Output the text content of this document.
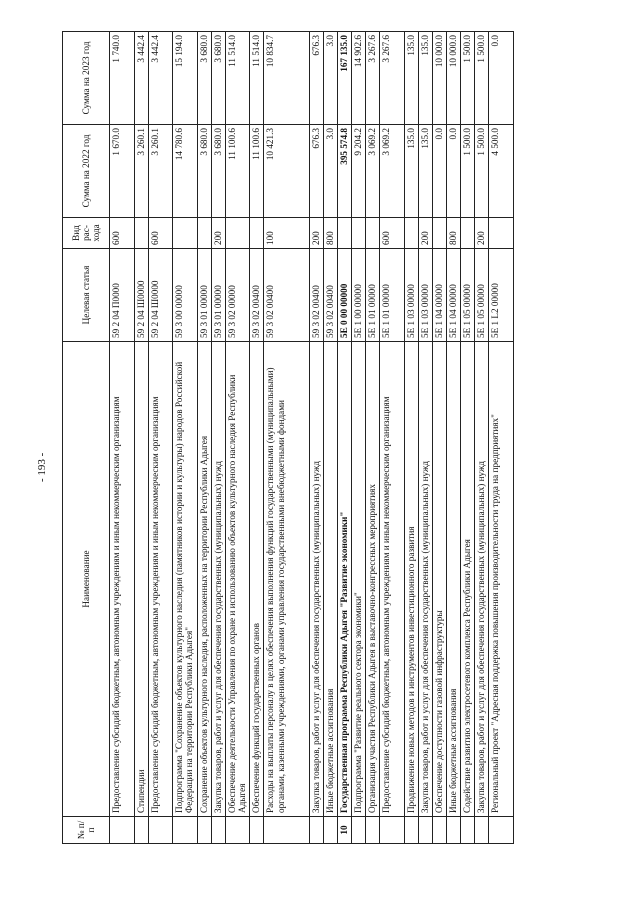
- 193 -
№ п/п	Наименование	Целевая статья	Вид рас-хода	Сумма на 2022 год	Сумма на 2023 год
	Предоставление субсидий бюджетным, автономным учреждениям и иным некоммерческим организациям	59 2 04 П0000	600	1 670.0	1 740.0
	Стипендии	59 2 04 Ш0000		3 260.1	3 442.4
	Предоставление субсидий бюджетным, автономным учреждениям и иным некоммерческим организациям	59 2 04 Ш0000	600	3 260.1	3 442.4
	Подпрограмма "Сохранение объектов культурного наследия (памятников истории и культуры) народов Российской Федерации на территории Республики Адыгея"	59 3 00 00000		14 780.6	15 194.0
	Сохранение объектов культурного наследия, расположенных на территории Республики Адыгея	59 3 01 00000		3 680.0	3 680.0
	Закупка товаров, работ и услуг для обеспечения государственных (муниципальных) нужд	59 3 01 00000	200	3 680.0	3 680.0
	Обеспечение деятельности Управления по охране и использованию объектов культурного наследия Республики Адыгея	59 3 02 00000		11 100.6	11 514.0
	Обеспечение функций государственных органов	59 3 02 00400		11 100.6	11 514.0
	Расходы на выплаты персоналу в целях обеспечения выполнения функций государственными (муниципальными) органами, казенными учреждениями, органами управления государственными внебюджетными фондами	59 3 02 00400	100	10 421.3	10 834.7
	Закупка товаров, работ и услуг для обеспечения государственных (муниципальных) нужд	59 3 02 00400	200	676.3	676.3
	Иные бюджетные ассигнования	59 3 02 00400	800	3.0	3.0
10	Государственная программа Республики Адыгея "Развитие экономики"	5Е 0 00 00000		395 574.8	167 135.0
	Подпрограмма "Развитие реального сектора экономики"	5Е 1 00 00000		9 204.2	14 902.6
	Организация участия Республики Адыгея в выставочно-конгрессных мероприятиях	5Е 1 01 00000		3 069.2	3 267.6
	Предоставление субсидий бюджетным, автономным учреждениям и иным некоммерческим организациям	5Е 1 01 00000	600	3 069.2	3 267.6
	Продвижение новых методов и инструментов инвестиционного развития	5Е 1 03 00000		135.0	135.0
	Закупка товаров, работ и услуг для обеспечения государственных (муниципальных) нужд	5Е 1 03 00000	200	135.0	135.0
	Обеспечение доступности газовой инфраструктуры	5Е 1 04 00000		0.0	10 000.0
	Иные бюджетные ассигнования	5Е 1 04 00000	800	0.0	10 000.0
	Содействие развитию электросетевого комплекса Республики Адыгея	5Е 1 05 00000		1 500.0	1 500.0
	Закупка товаров, работ и услуг для обеспечения государственных (муниципальных) нужд	5Е 1 05 00000	200	1 500.0	1 500.0
	Региональный проект "Адресная поддержка повышения производительности труда на предприятиях"	5Е 1 L2 00000		4 500.0	0.0
